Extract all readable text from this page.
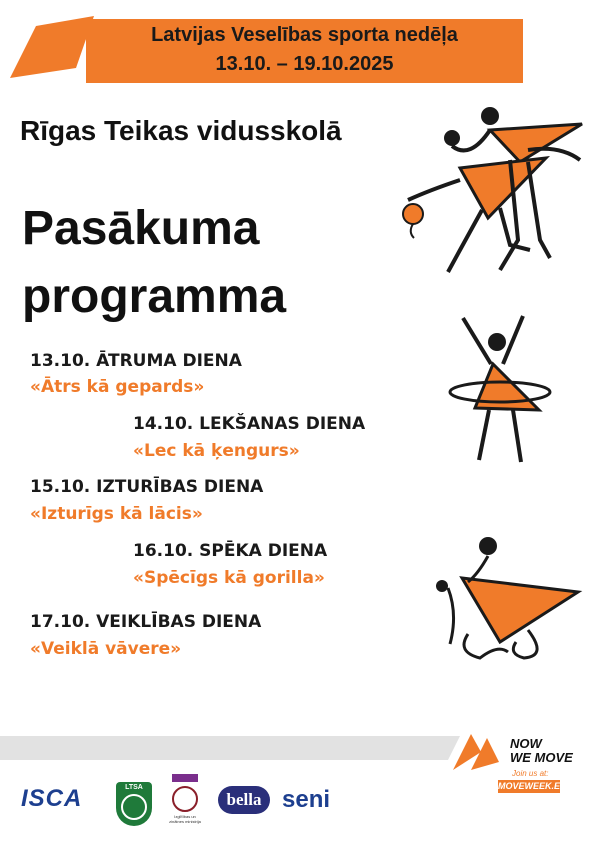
Latvijas Veselības sporta nedēļa
13.10. – 19.10.2025
Rīgas Teikas vidusskolā
Pasākuma
programma
13.10. ĀTRUMA DIENA
«Ātrs kā gepards»
14.10. LEKŠANAS DIENA
«Lec kā ķengurs»
15.10. IZTURĪBAS DIENA
«Izturīgs kā lācis»
16.10. SPĒKA DIENA
«Spēcīgs kā gorilla»
17.10. VEIKLĪBAS DIENA
«Veiklā vāvere»
NOW
WE MOVE
Join us at:
MOVEWEEK.EU
ISCA	LTSA
Izglītības un zinātnes ministrija
bella seni
